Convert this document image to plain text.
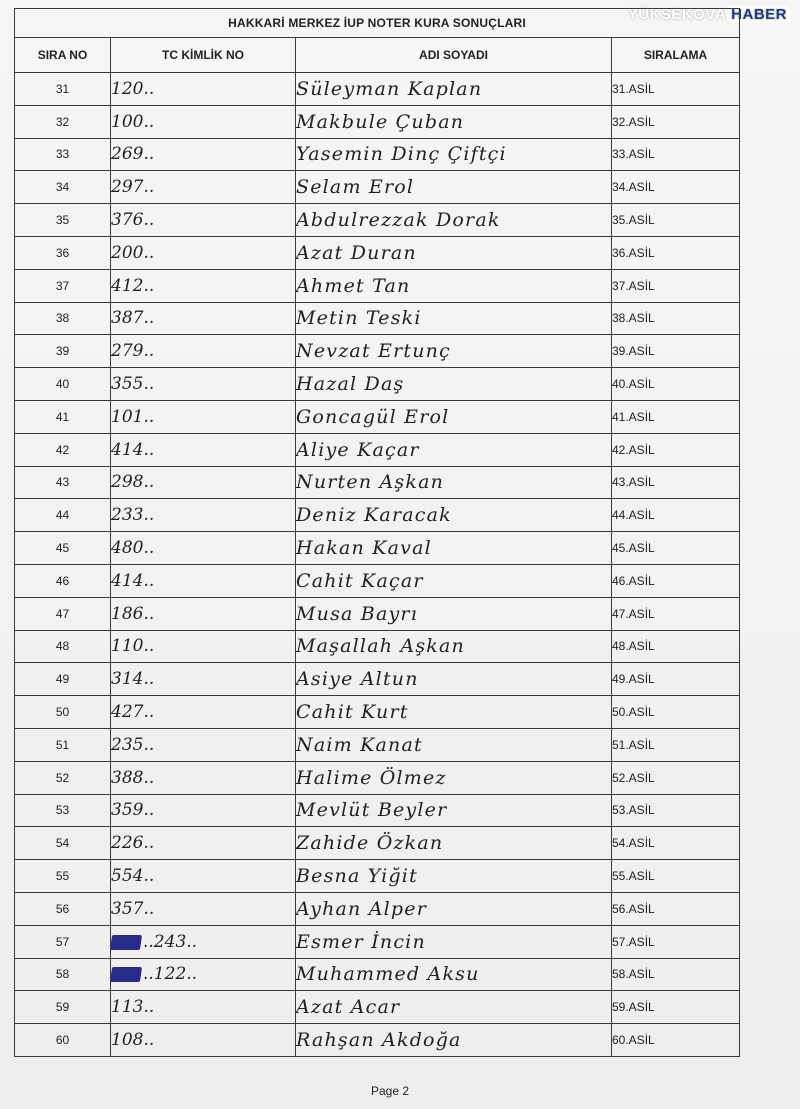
YÜKSEKOVA HABER
HAKKARİ MERKEZ İUP NOTER KURA SONUÇLARI			
SIRA NO	TC KİMLİK NO	ADI SOYADI	SIRALAMA
31	120..	Süleyman Kaplan	31.ASİL
32	100..	Makbule Çuban	32.ASİL
33	269..	Yasemin Dinç Çiftçi	33.ASİL
34	297..	Selam Erol	34.ASİL
35	376..	Abdulrezzak Dorak	35.ASİL
36	200..	Azat Duran	36.ASİL
37	412..	Ahmet Tan	37.ASİL
38	387..	Metin Teski	38.ASİL
39	279..	Nevzat Ertunç	39.ASİL
40	355..	Hazal Daş	40.ASİL
41	101..	Goncagül Erol	41.ASİL
42	414..	Aliye Kaçar	42.ASİL
43	298..	Nurten Aşkan	43.ASİL
44	233..	Deniz Karacak	44.ASİL
45	480..	Hakan Kaval	45.ASİL
46	414..	Cahit Kaçar	46.ASİL
47	186..	Musa Bayrı	47.ASİL
48	110..	Maşallah Aşkan	48.ASİL
49	314..	Asiye Altun	49.ASİL
50	427..	Cahit Kurt	50.ASİL
51	235..	Naim Kanat	51.ASİL
52	388..	Halime Ölmez	52.ASİL
53	359..	Mevlüt Beyler	53.ASİL
54	226..	Zahide Özkan	54.ASİL
55	554..	Besna Yiğit	55.ASİL
56	357..	Ayhan Alper	56.ASİL
57	..243..	Esmer İncin	57.ASİL
58	..122..	Muhammed Aksu	58.ASİL
59	113..	Azat Acar	59.ASİL
60	108..	Rahşan Akdoğa	60.ASİL
Page 2
